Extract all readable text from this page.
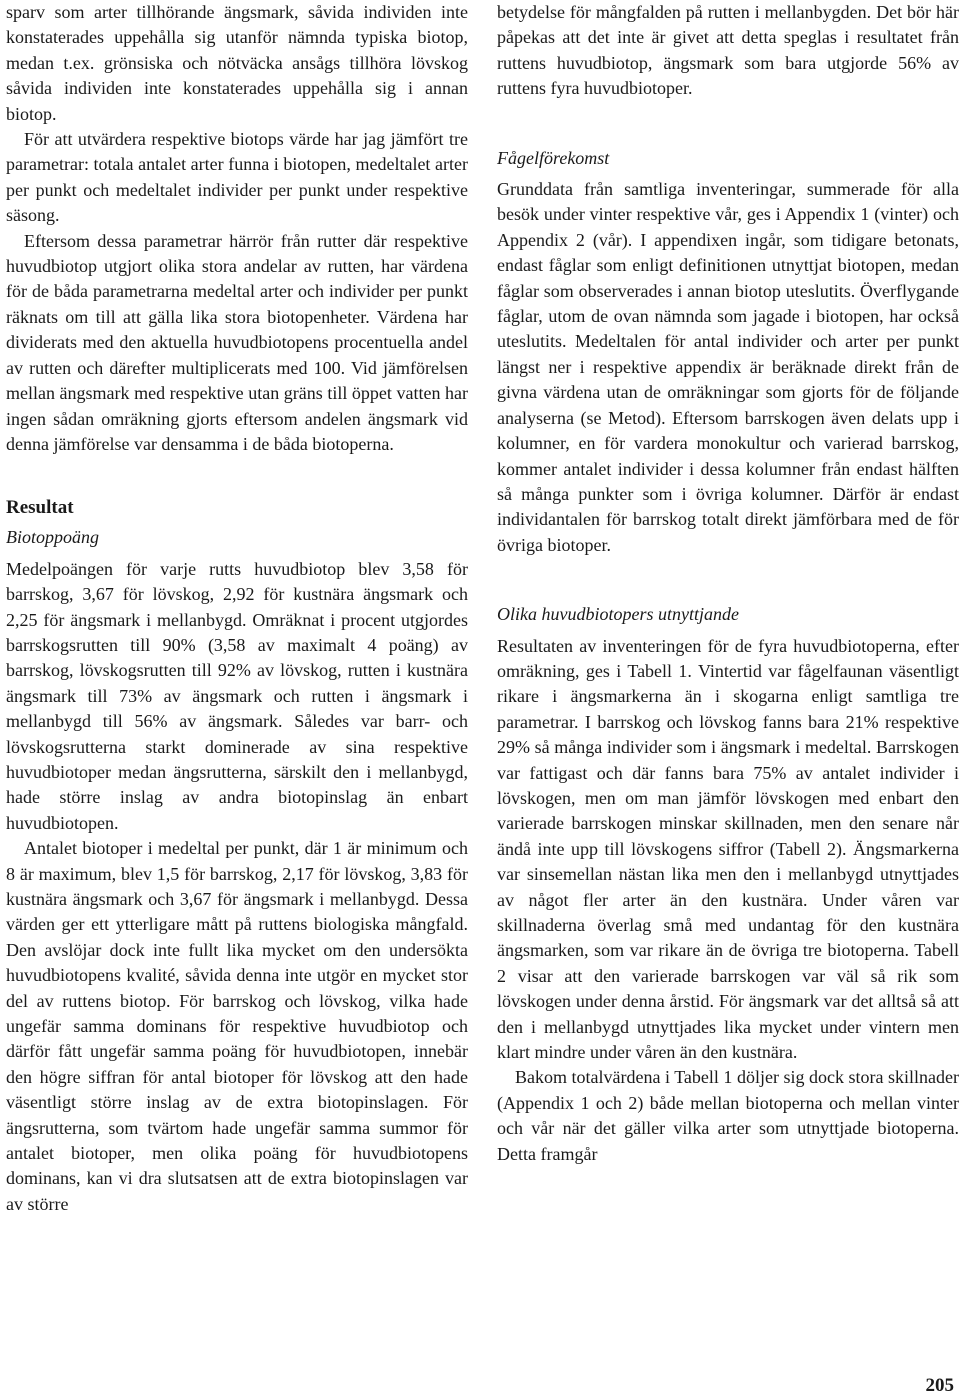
sparv som arter tillhörande ängsmark, såvida individen inte konstaterades uppehålla sig utanför nämnda typiska biotop, medan t.ex. grönsiska och nötväcka ansågs tillhöra lövskog såvida individen inte konstaterades uppehålla sig i annan biotop.

För att utvärdera respektive biotops värde har jag jämfört tre parametrar: totala antalet arter funna i biotopen, medeltalet arter per punkt och medeltalet individer per punkt under respektive säsong.

Eftersom dessa parametrar härrör från rutter där respektive huvudbiotop utgjort olika stora andelar av rutten, har värdena för de båda parametrarna medeltal arter och individer per punkt räknats om till att gälla lika stora biotopenheter. Värdena har dividerats med den aktuella huvudbiotopens procentuella andel av rutten och därefter multiplicerats med 100. Vid jämförelsen mellan ängsmark med respektive utan gräns till öppet vatten har ingen sådan omräkning gjorts eftersom andelen ängsmark vid denna jämförelse var densamma i de båda biotoperna.

Resultat
Biotoppoäng

Medelpoängen för varje rutts huvudbiotop blev 3,58 för barrskog, 3,67 för lövskog, 2,92 för kustnära ängsmark och 2,25 för ängsmark i mellanbygd. Omräknat i procent utgjordes barrskogsrutten till 90% (3,58 av maximalt 4 poäng) av barrskog, lövskogsrutten till 92% av lövskog, rutten i kustnära ängsmark till 73% av ängsmark och rutten i ängsmark i mellanbygd till 56% av ängsmark. Således var barr- och lövskogsrutterna starkt dominerade av sina respektive huvudbiotoper medan ängsrutterna, särskilt den i mellanbygd, hade större inslag av andra biotopinslag än enbart huvudbiotopen.

Antalet biotoper i medeltal per punkt, där 1 är minimum och 8 är maximum, blev 1,5 för barrskog, 2,17 för lövskog, 3,83 för kustnära ängsmark och 3,67 för ängsmark i mellanbygd. Dessa värden ger ett ytterligare mått på ruttens biologiska mångfald. Den avslöjar dock inte fullt lika mycket om den undersökta huvudbiotopens kvalité, såvida denna inte utgör en mycket stor del av ruttens biotop. För barrskog och lövskog, vilka hade ungefär samma dominans för respektive huvudbiotop och därför fått ungefär samma poäng för huvudbiotopen, innebär den högre siffran för antal biotoper för lövskog att den hade väsentligt större inslag av de extra biotopinslagen. För ängsrutterna, som tvärtom hade ungefär samma summor för antalet biotoper, men olika poäng för huvudbiotopens dominans, kan vi dra slutsatsen att de extra biotopinslagen var av större

betydelse för mångfalden på rutten i mellanbygden. Det bör här påpekas att det inte är givet att detta speglas i resultatet från ruttens huvudbiotop, ängsmark som bara utgjorde 56% av ruttens fyra huvudbiotoper.

Fågelförekomst

Grunddata från samtliga inventeringar, summerade för alla besök under vinter respektive vår, ges i Appendix 1 (vinter) och Appendix 2 (vår). I appendixen ingår, som tidigare betonats, endast fåglar som enligt definitionen utnyttjat biotopen, medan fåglar som observerades i annan biotop uteslutits. Överflygande fåglar, utom de ovan nämnda som jagade i biotopen, har också uteslutits. Medeltalen för antal individer och arter per punkt längst ner i respektive appendix är beräknade direkt från de givna värdena utan de omräkningar som gjorts för de följande analyserna (se Metod). Eftersom barrskogen även delats upp i kolumner, en för vardera monokultur och varierad barrskog, kommer antalet individer i dessa kolumner från endast hälften så många punkter som i övriga kolumner. Därför är endast individantalen för barrskog totalt direkt jämförbara med de för övriga biotoper.

Olika huvudbiotopers utnyttjande

Resultaten av inventeringen för de fyra huvudbiotoperna, efter omräkning, ges i Tabell 1. Vintertid var fågelfaunan väsentligt rikare i ängsmarkerna än i skogarna enligt samtliga tre parametrar. I barrskog och lövskog fanns bara 21% respektive 29% så många individer som i ängsmark i medeltal. Barrskogen var fattigast och där fanns bara 75% av antalet individer i lövskogen, men om man jämför lövskogen med enbart den varierade barrskogen minskar skillnaden, men den senare når ändå inte upp till lövskogens siffror (Tabell 2). Ängsmarkerna var sinsemellan nästan lika men den i mellanbygd utnyttjades av något fler arter än den kustnära. Under våren var skillnaderna överlag små med undantag för den kustnära ängsmarken, som var rikare än de övriga tre biotoperna. Tabell 2 visar att den varierade barrskogen var väl så rik som lövskogen under denna årstid. För ängsmark var det alltså så att den i mellanbygd utnyttjades lika mycket under vintern men klart mindre under våren än den kustnära.

Bakom totalvärdena i Tabell 1 döljer sig dock stora skillnader (Appendix 1 och 2) både mellan biotoperna och mellan vinter och vår när det gäller vilka arter som utnyttjade biotoperna. Detta framgår

205
